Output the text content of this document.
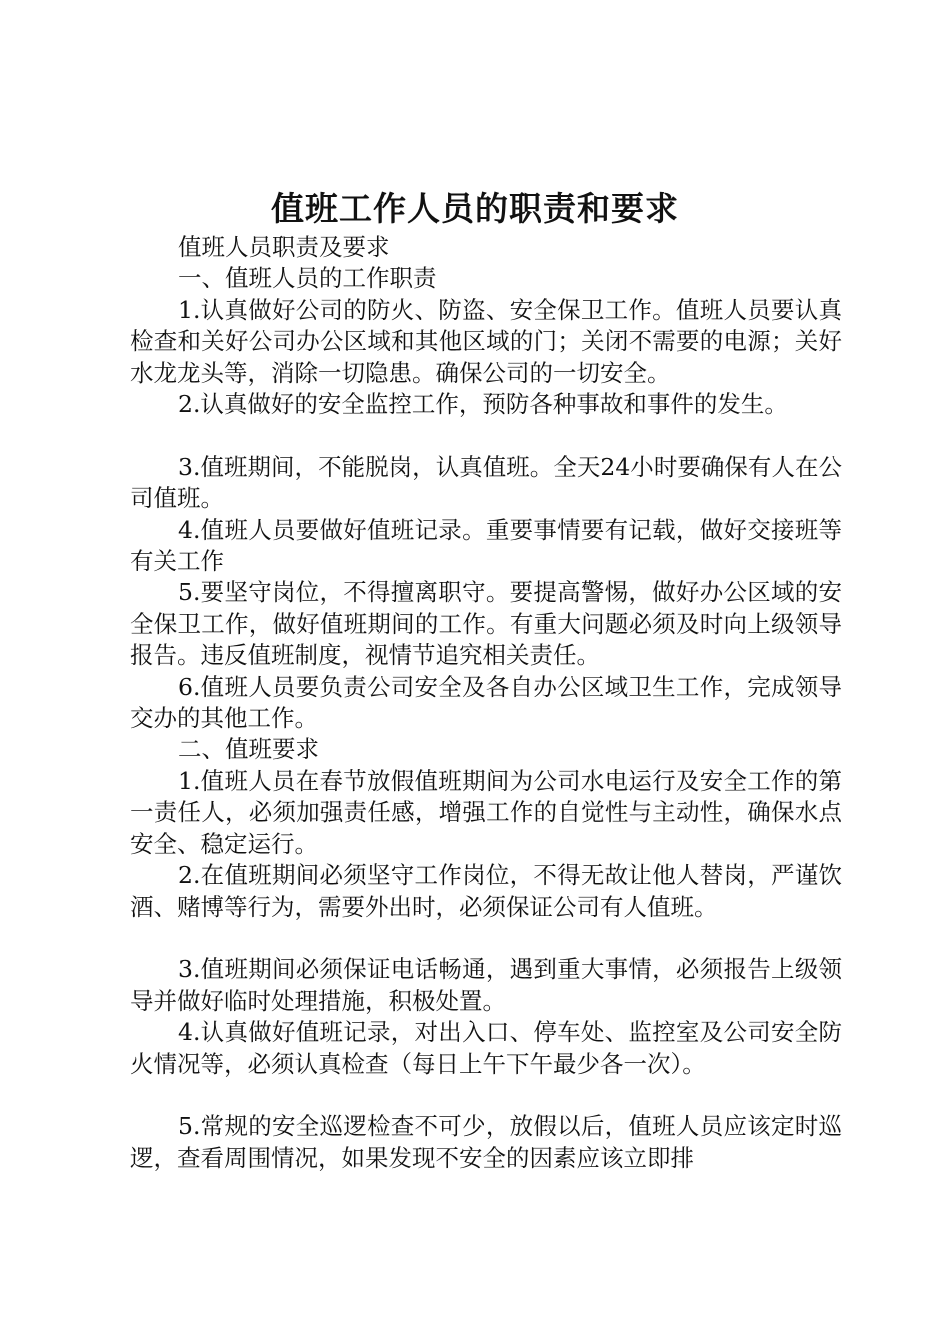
值班工作人员的职责和要求

值班人员职责及要求

一、值班人员的工作职责

1.认真做好公司的防火、防盗、安全保卫工作。值班人员要认真检查和关好公司办公区域和其他区域的门；关闭不需要的电源；关好水龙龙头等，消除一切隐患。确保公司的一切安全。

2.认真做好的安全监控工作，预防各种事故和事件的发生。

3.值班期间，不能脱岗，认真值班。全天24小时要确保有人在公司值班。

4.值班人员要做好值班记录。重要事情要有记载，做好交接班等有关工作

5.要坚守岗位，不得擅离职守。要提高警惕，做好办公区域的安全保卫工作，做好值班期间的工作。有重大问题必须及时向上级领导报告。违反值班制度，视情节追究相关责任。

6.值班人员要负责公司安全及各自办公区域卫生工作，完成领导交办的其他工作。

二、值班要求

1.值班人员在春节放假值班期间为公司水电运行及安全工作的第一责任人，必须加强责任感，增强工作的自觉性与主动性，确保水点安全、稳定运行。

2.在值班期间必须坚守工作岗位，不得无故让他人替岗，严谨饮酒、赌博等行为，需要外出时，必须保证公司有人值班。

3.值班期间必须保证电话畅通，遇到重大事情，必须报告上级领导并做好临时处理措施，积极处置。

4.认真做好值班记录，对出入口、停车处、监控室及公司安全防火情况等，必须认真检查（每日上午下午最少各一次）。

5.常规的安全巡逻检查不可少，放假以后，值班人员应该定时巡逻，查看周围情况，如果发现不安全的因素应该立即排
